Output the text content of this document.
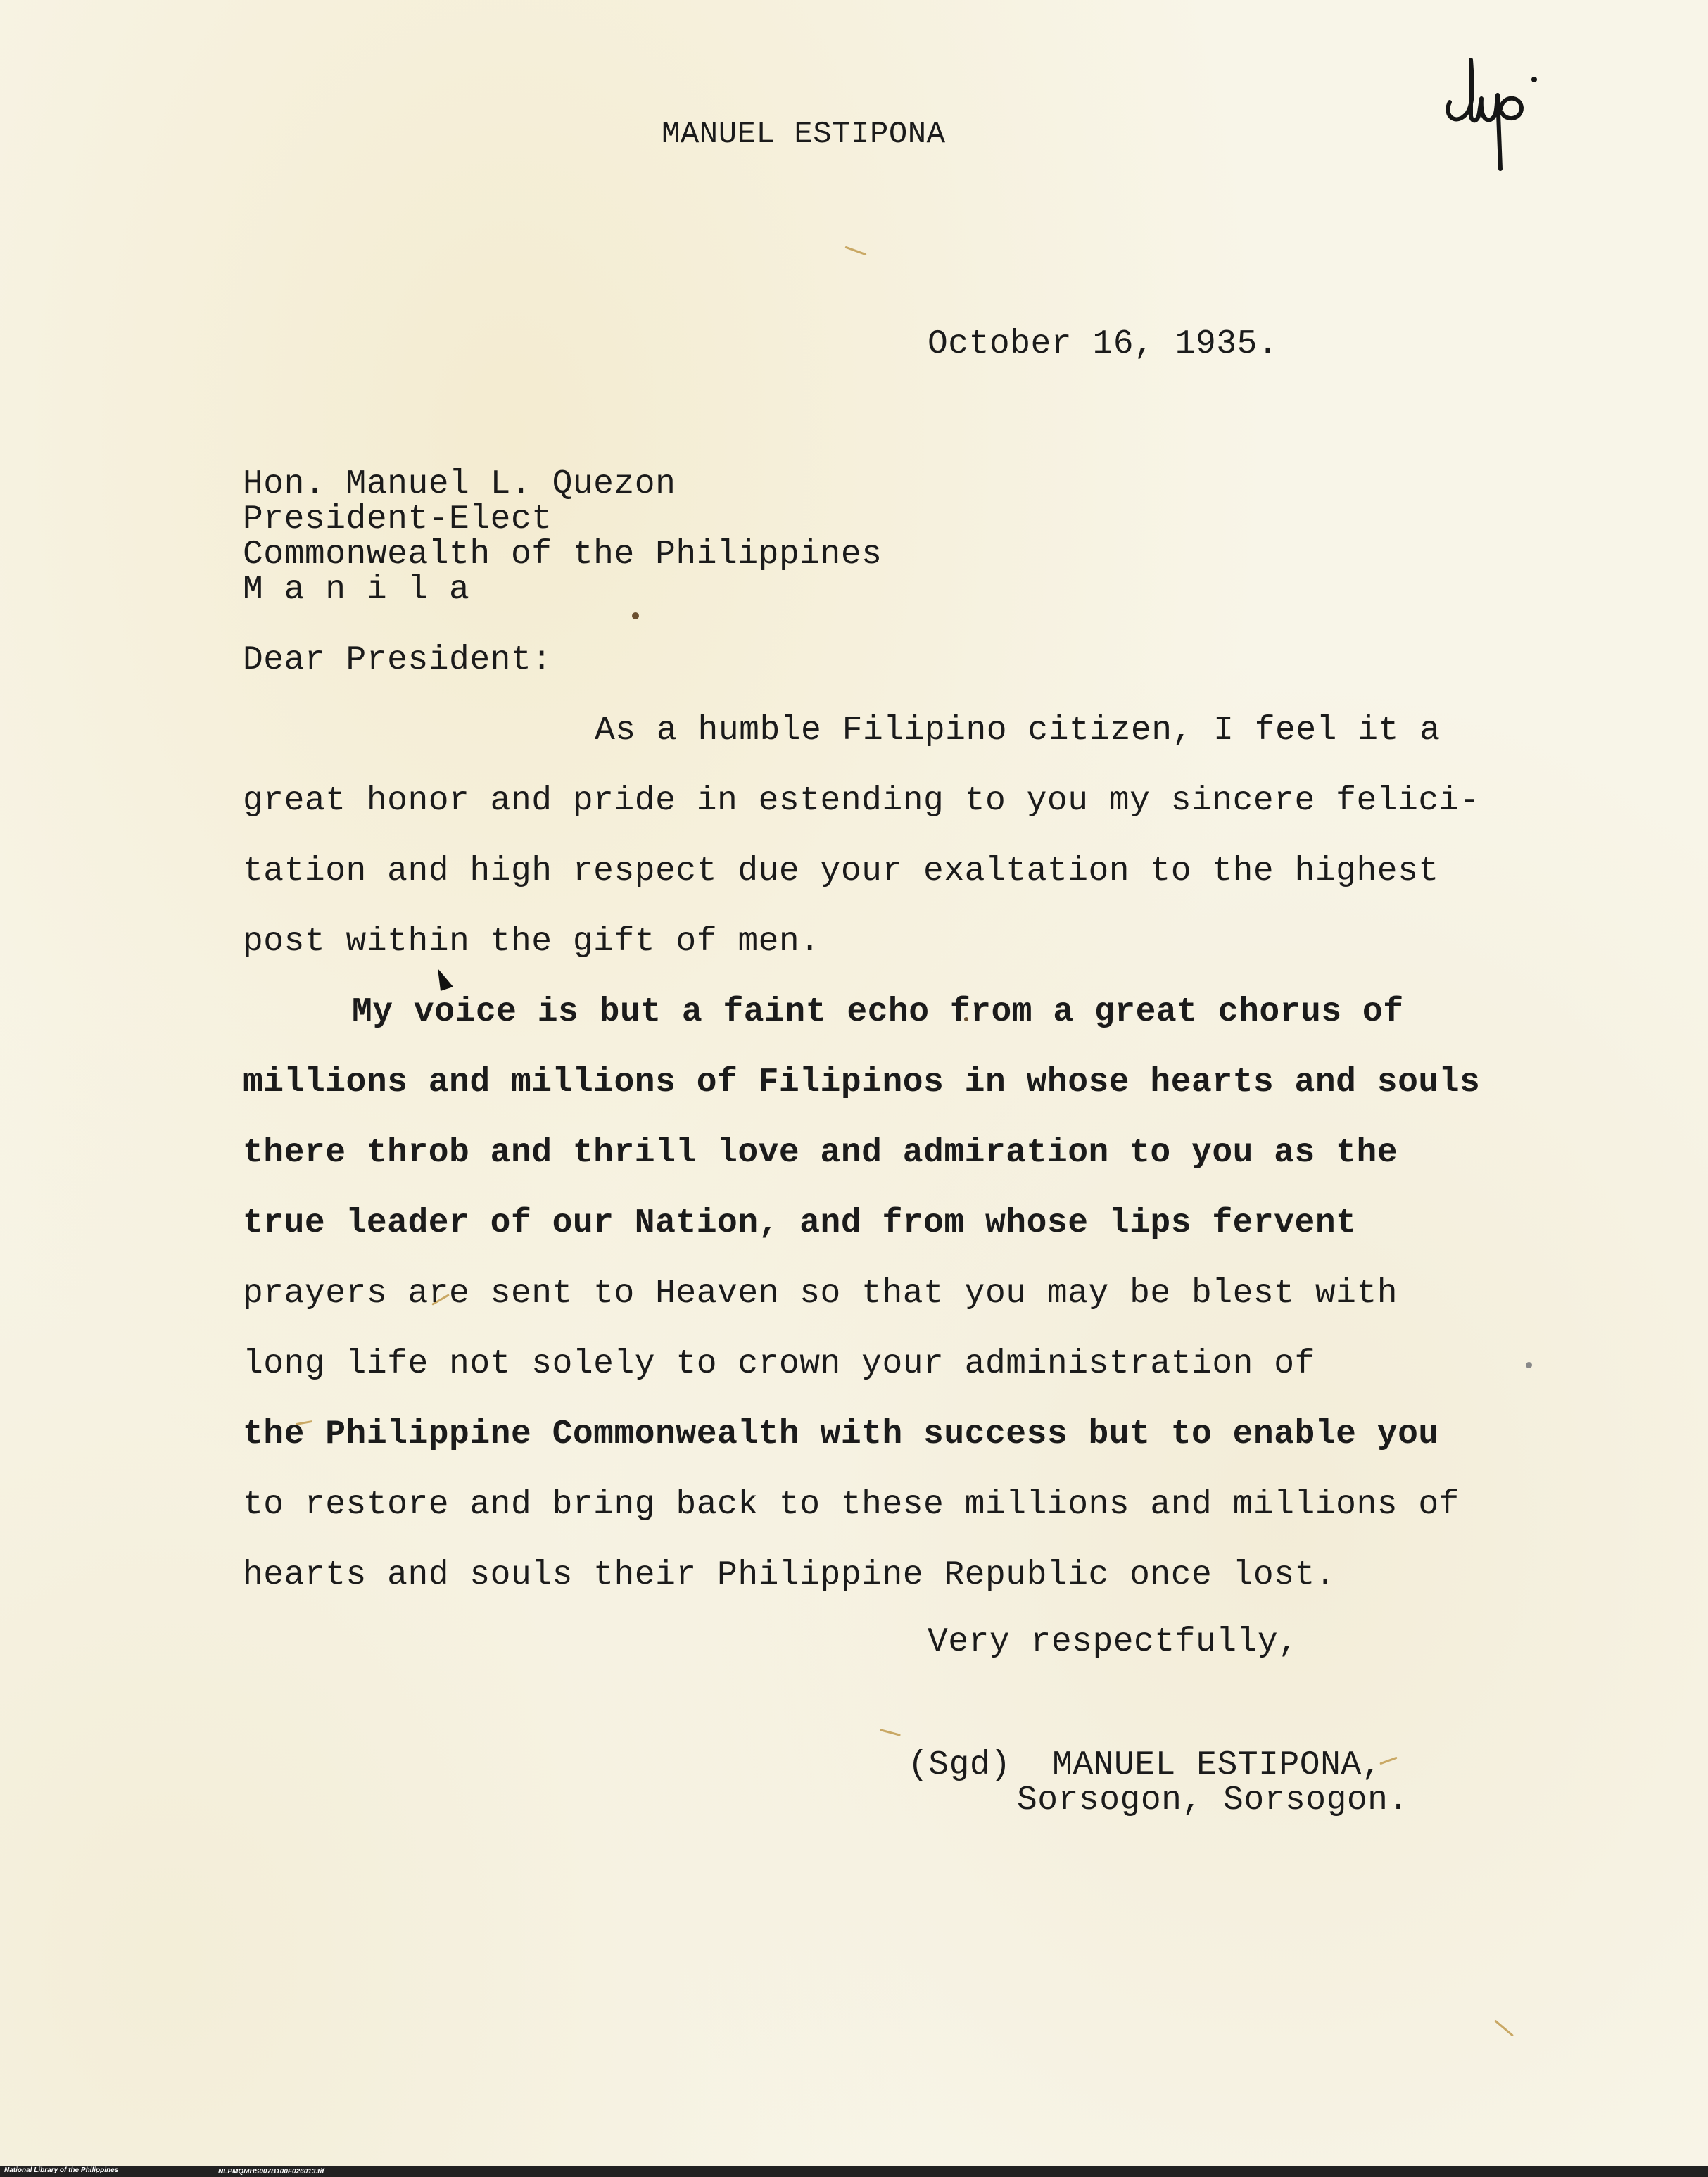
MANUEL ESTIPONA
October 16, 1935.
Hon. Manuel L. Quezon
President-Elect
Commonwealth of the Philippines
M a n i l a
Dear President:
As a humble Filipino citizen, I feel it a
great honor and pride in estending to you my sincere felici-
tation and high respect due your exaltation to the highest
post within the gift of men.
My voice is but a faint echo from a great chorus of
millions and millions of Filipinos in whose hearts and souls
there throb and thrill love and admiration to you as the
true leader of our Nation, and from whose lips fervent
prayers are sent to Heaven so that you may be blest with
long life not solely to crown your administration of
the Philippine Commonwealth with success but to enable you
to restore and bring back to these millions and millions of
hearts and souls their Philippine Republic once lost.
Very respectfully,
(Sgd)  MANUEL ESTIPONA,
Sorsogon, Sorsogon.
National Library of the Philippines	NLPMQMHS007B100F026013.tif
